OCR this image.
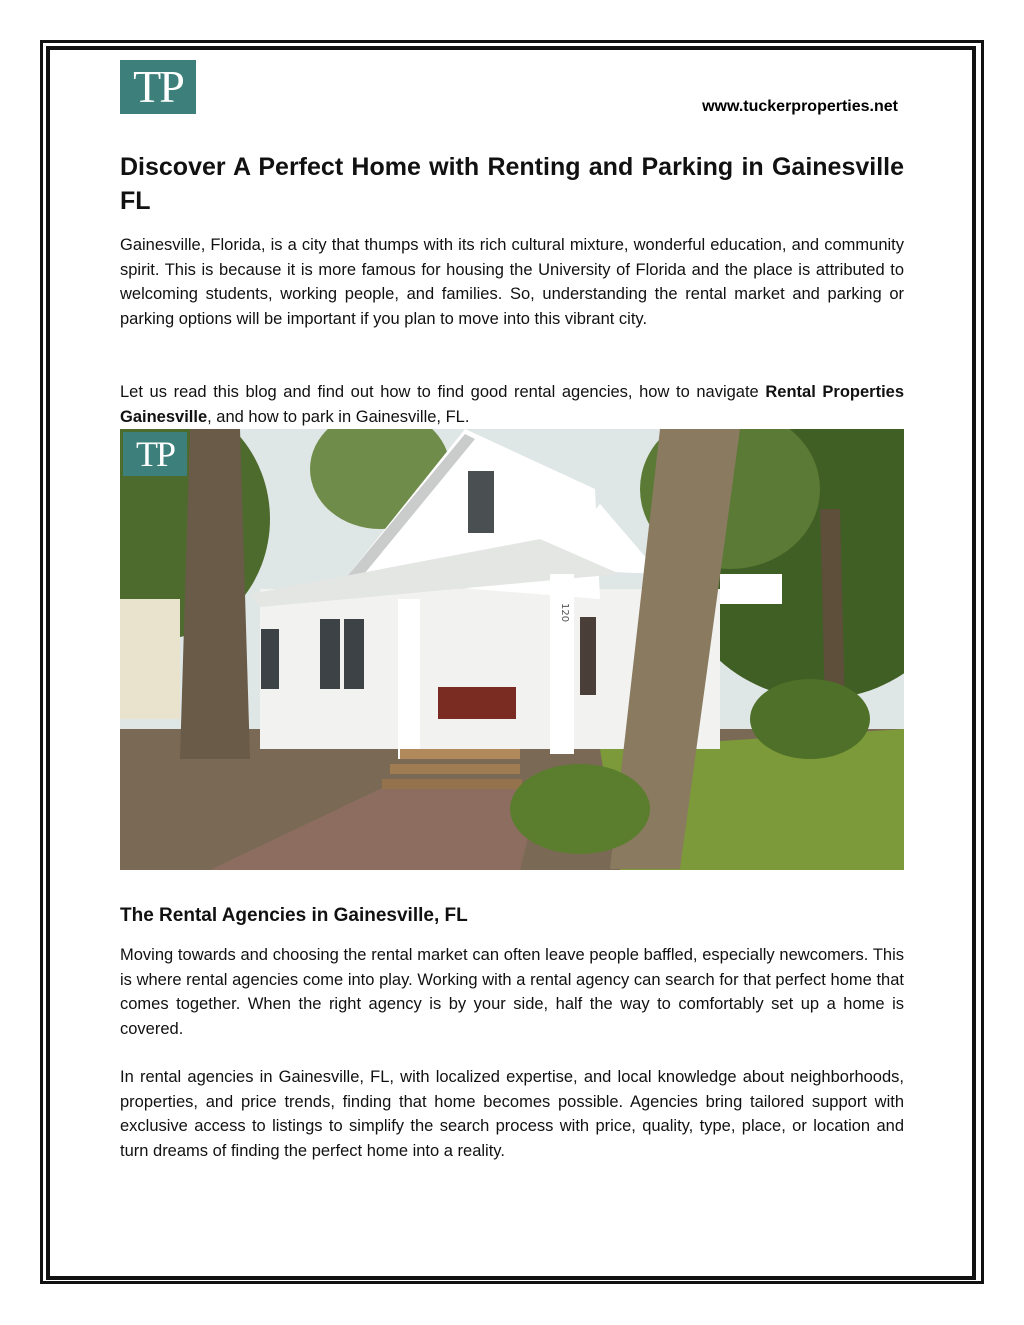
TP	www.tuckerproperties.net
Discover A Perfect Home with Renting and Parking in Gainesville FL

Gainesville, Florida, is a city that thumps with its rich cultural mixture, wonderful education, and community spirit. This is because it is more famous for housing the University of Florida and the place is attributed to welcoming students, working people, and families. So, understanding the rental market and parking or parking options will be important if you plan to move into this vibrant city.

Let us read this blog and find out how to find good rental agencies, how to navigate Rental Properties Gainesville, and how to park in Gainesville, FL.

120
TP
The Rental Agencies in Gainesville, FL

Moving towards and choosing the rental market can often leave people baffled, especially newcomers. This is where rental agencies come into play. Working with a rental agency can search for that perfect home that comes together. When the right agency is by your side, half the way to comfortably set up a home is covered.

In rental agencies in Gainesville, FL, with localized expertise, and local knowledge about neighborhoods, properties, and price trends, finding that home becomes possible. Agencies bring tailored support with exclusive access to listings to simplify the search process with price, quality, type, place, or location and turn dreams of finding the perfect home into a reality.
